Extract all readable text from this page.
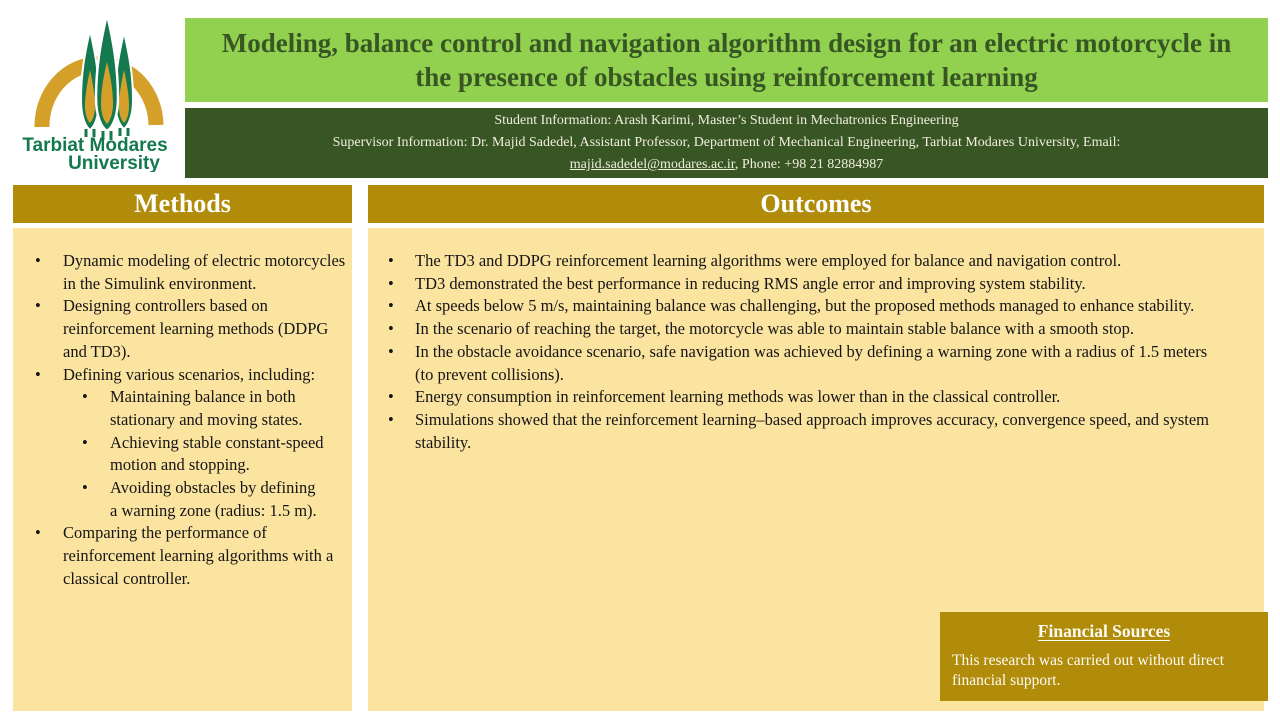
Tarbiat Modares
University
Modeling, balance control and navigation algorithm design for an electric motorcycle in the presence of obstacles using reinforcement learning
Student Information: Arash Karimi, Master’s Student in Mechatronics Engineering
Supervisor Information: Dr. Majid Sadedel, Assistant Professor, Department of Mechanical Engineering, Tarbiat Modares University, Email:
majid.sadedel@modares.ac.ir, Phone: +98 21 82884987
Methods
•
Dynamic modeling of electric motorcycles in the Simulink environment.
•
Designing controllers based on reinforcement learning methods (DDPG and TD3).
•
Defining various scenarios, including:
•
Maintaining balance in both stationary and moving states.
•
Achieving stable constant-speed motion and stopping.
•
Avoiding obstacles by defining a warning zone (radius: 1.5 m).
•
Comparing the performance of reinforcement learning algorithms with a classical controller.
Outcomes
•
The TD3 and DDPG reinforcement learning algorithms were employed for balance and navigation control.
•
TD3 demonstrated the best performance in reducing RMS angle error and improving system stability.
•
At speeds below 5 m/s, maintaining balance was challenging, but the proposed methods managed to enhance stability.
•
In the scenario of reaching the target, the motorcycle was able to maintain stable balance with a smooth stop.
•
In the obstacle avoidance scenario, safe navigation was achieved by defining a warning zone with a radius of 1.5 meters (to prevent collisions).
•
Energy consumption in reinforcement learning methods was lower than in the classical controller.
•
Simulations showed that the reinforcement learning–based approach improves accuracy, convergence speed, and system stability.
Financial Sources
This research was carried out without direct financial support.
